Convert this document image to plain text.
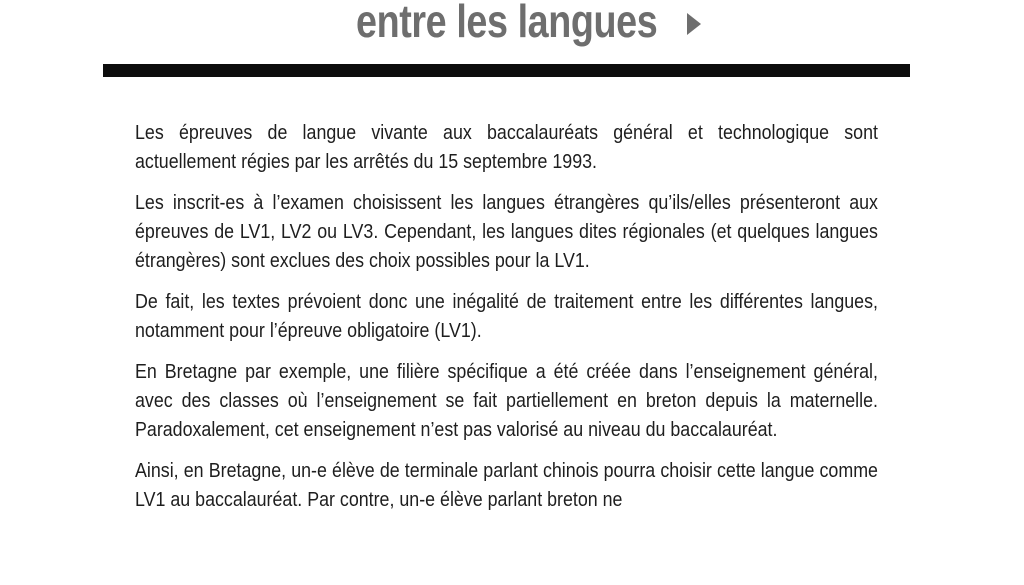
entre les langues

Les épreuves de langue vivante aux baccalauréats général et technologique sont actuellement régies par les arrêtés du 15 septembre 1993.

Les inscrit-es à l’examen choisissent les langues étrangères qu’ils/elles présenteront aux épreuves de LV1, LV2 ou LV3. Cependant, les langues dites régionales (et quelques langues étrangères) sont exclues des choix possibles pour la LV1.

De fait, les textes prévoient donc une inégalité de traitement entre les différentes langues, notamment pour l’épreuve obligatoire (LV1).

En Bretagne par exemple, une filière spécifique a été créée dans l’enseignement général, avec des classes où l’enseignement se fait partiellement en breton depuis la maternelle. Paradoxalement, cet enseignement n’est pas valorisé au niveau du baccalauréat.

Ainsi, en Bretagne, un-e élève de terminale parlant chinois pourra choisir cette langue comme LV1 au baccalauréat. Par contre, un-e élève parlant breton ne
